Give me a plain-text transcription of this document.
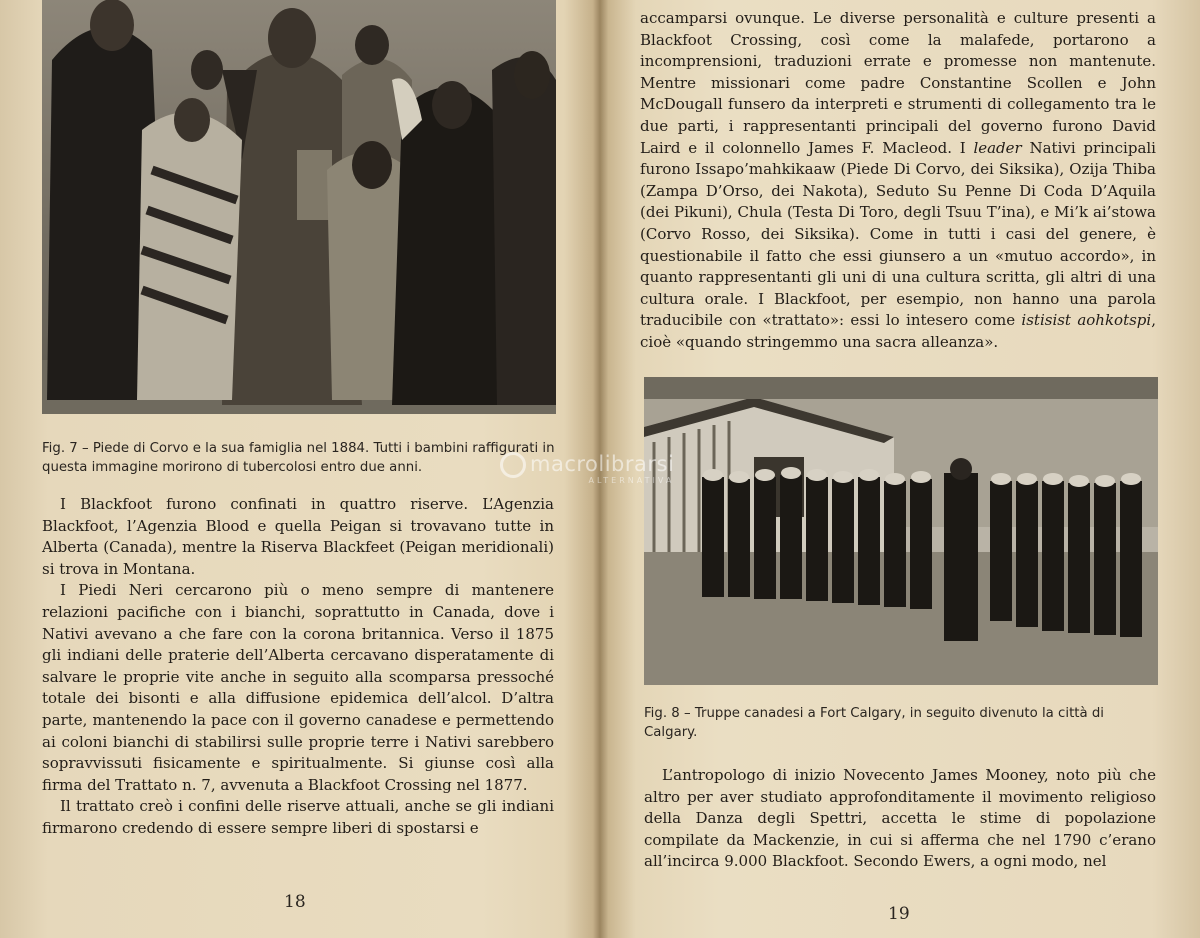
Fig. 7 – Piede di Corvo e la sua famiglia nel 1884. Tutti i bambini raffigurati in questa immagine morirono di tubercolosi entro due anni.

I Blackfoot furono confinati in quattro riserve. L’Agenzia Blackfoot, l’Agenzia Blood e quella Peigan si trovavano tutte in Alberta (Canada), mentre la Riserva Blackfeet (Peigan meridionali) si trova in Montana.

I Piedi Neri cercarono più o meno sempre di mantenere relazioni pacifiche con i bianchi, soprattutto in Canada, dove i Nativi avevano a che fare con la corona britannica. Verso il 1875 gli indiani delle praterie dell’Alberta cercavano disperatamente di salvare le proprie vite anche in seguito alla scomparsa pressoché totale dei bisonti e alla diffusione epidemica dell’alcol. D’altra parte, mantenendo la pace con il governo canadese e permettendo ai coloni bianchi di stabilirsi sulle proprie terre i Nativi sarebbero sopravvissuti fisicamente e spiritualmente. Si giunse così alla firma del Trattato n. 7, avvenuta a Blackfoot Crossing nel 1877.

Il trattato creò i confini delle riserve attuali, anche se gli indiani firmarono credendo di essere sempre liberi di spostarsi e

18

accamparsi ovunque. Le diverse personalità e culture presenti a Blackfoot Crossing, così come la malafede, portarono a incomprensioni, traduzioni errate e promesse non mantenute. Mentre missionari come padre Constantine Scollen e John McDougall funsero da interpreti e strumenti di collegamento tra le due parti, i rappresentanti principali del governo furono David Laird e il colonnello James F. Macleod. I leader Nativi principali furono Issapo’mahkikaaw (Piede Di Corvo, dei Siksika), Ozija Thiba (Zampa D’Orso, dei Nakota), Seduto Su Penne Di Coda D’Aquila (dei Pikuni), Chula (Testa Di Toro, degli Tsuu T’ina), e Mi’k ai’stowa (Corvo Rosso, dei Siksika). Come in tutti i casi del genere, è questionabile il fatto che essi giunsero a un «mutuo accordo», in quanto rappresentanti gli uni di una cultura scritta, gli altri di una cultura orale. I Blackfoot, per esempio, non hanno una parola traducibile con «trattato»: essi lo intesero come istisist aohkotspi, cioè «quando stringemmo una sacra alleanza».

Fig. 8 – Truppe canadesi a Fort Calgary, in seguito divenuto la città di Calgary.

L’antropologo di inizio Novecento James Mooney, noto più che altro per aver studiato approfonditamente il movimento religioso della Danza degli Spettri, accetta le stime di popolazione compilate da Mackenzie, in cui si afferma che nel 1790 c’erano all’incirca 9.000 Blackfoot. Secondo Ewers, a ogni modo, nel

19
macrolibrarsi
ALTERNATIVA
